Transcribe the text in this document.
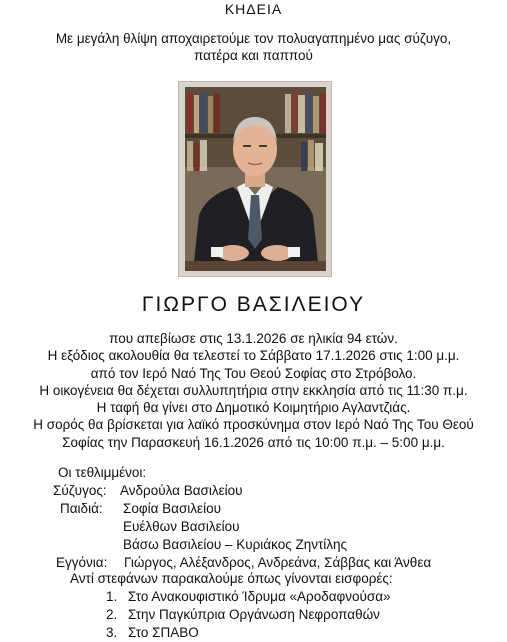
ΚΗΔΕΙΑ
Με μεγάλη θλίψη αποχαιρετούμε τον πολυαγαπημένο μας σύζυγο,
πατέρα και παππού
ΓΙΩΡΓΟ ΒΑΣΙΛΕΙΟΥ
που απεβίωσε στις 13.1.2026 σε ηλικία 94 ετών.
Η εξόδιος ακολουθία θα τελεστεί το Σάββατο 17.1.2026 στις 1:00 μ.μ.
από τον Ιερό Ναό Της Του Θεού Σοφίας στο Στρόβολο.
Η οικογένεια θα δέχεται συλλυπητήρια στην εκκλησία από τις 11:30 π.μ.
Η ταφή θα γίνει στο Δημοτικό Κοιμητήριο Αγλαντζιάς.
Η σορός θα βρίσκεται για λαϊκό προσκύνημα στον Ιερό Ναό Της Του Θεού
Σοφίας την Παρασκευή 16.1.2026 από τις 10:00 π.μ. – 5:00 μ.μ.
Οι τεθλιμμένοι:
Σύζυγος: Ανδρούλα Βασιλείου
Παιδιά: Σοφία Βασιλείου
Ευέλθων Βασιλείου
Βάσω Βασιλείου – Κυριάκος Ζηντίλης
Εγγόνια: Γιώργος, Αλέξανδρος, Ανδρεάνα, Σάββας και Άνθεα
Αντί στεφάνων παρακαλούμε όπως γίνονται εισφορές:
1. Στο Ανακουφιστικό Ίδρυμα «Αροδαφνούσα»
2. Στην Παγκύπρια Οργάνωση Νεφροπαθών
3. Στο ΣΠΑΒΟ
